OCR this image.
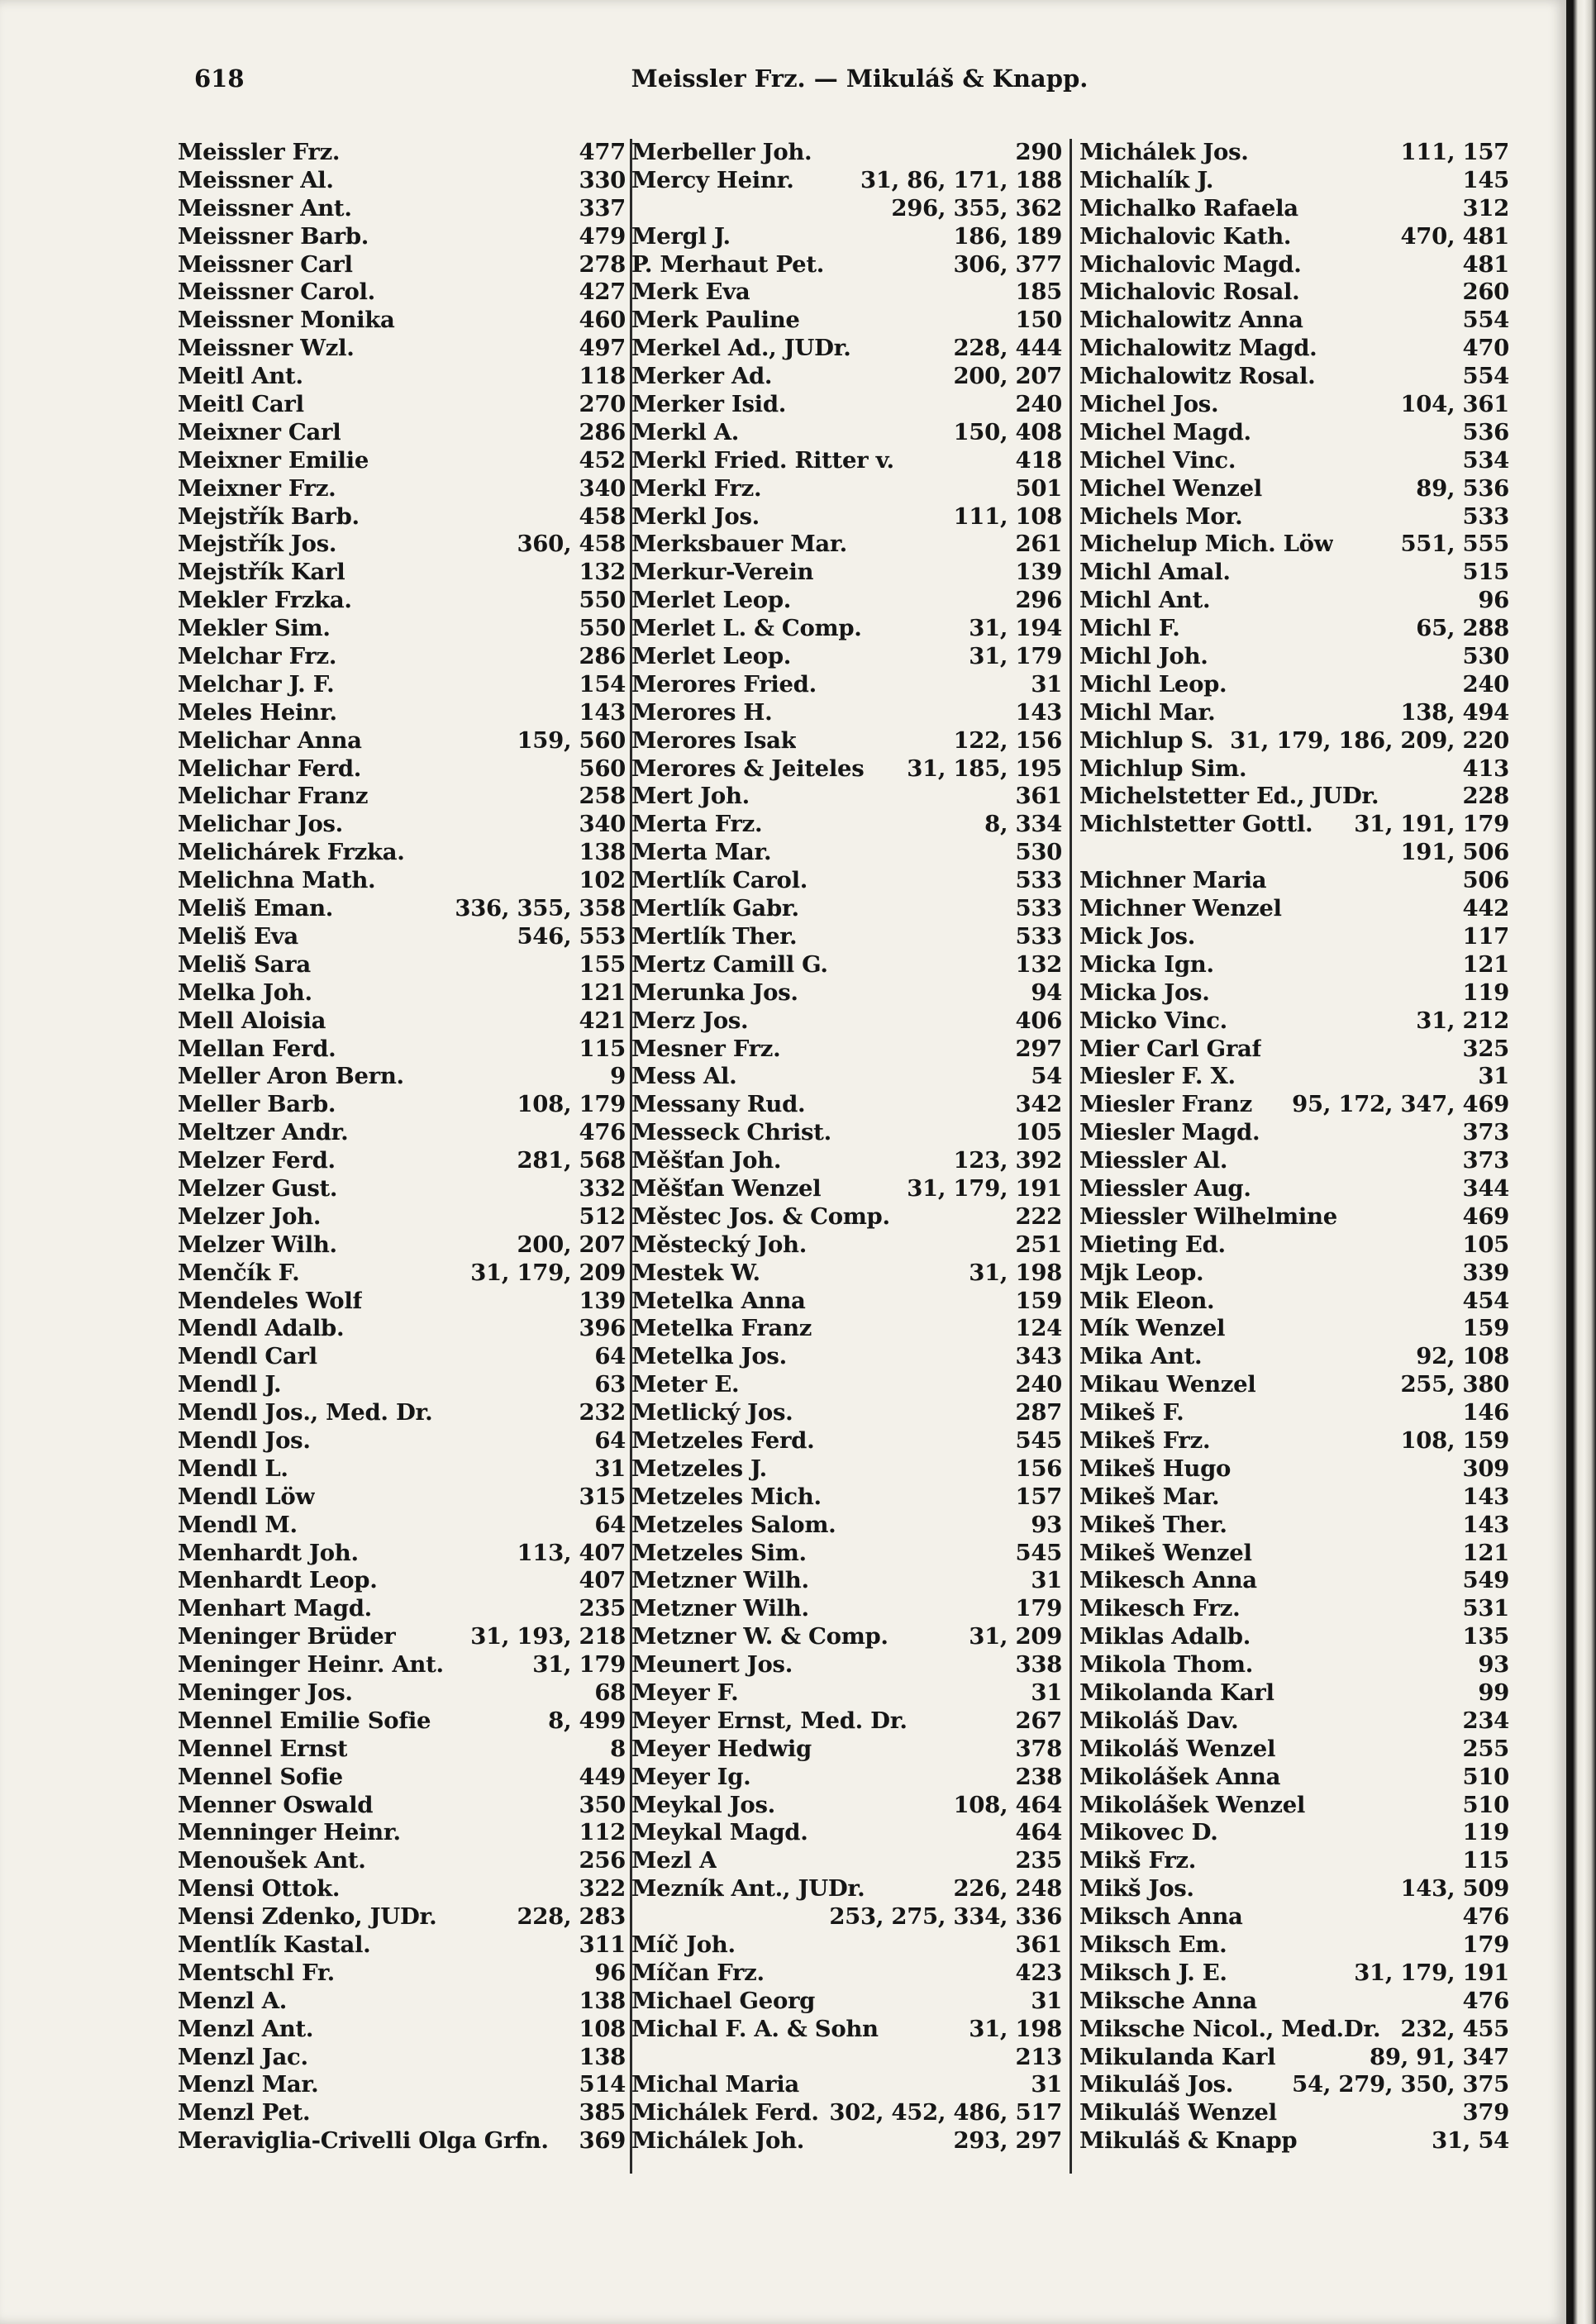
618	Meissler Frz. — Mikuláš & Knapp.
Meissler Frz.	477
Meissner Al.	330
Meissner Ant.	337
Meissner Barb.	479
Meissner Carl	278
Meissner Carol.	427
Meissner Monika	460
Meissner Wzl.	497
Meitl Ant.	118
Meitl Carl	270
Meixner Carl	286
Meixner Emilie	452
Meixner Frz.	340
Mejstřík Barb.	458
Mejstřík Jos.	360, 458
Mejstřík Karl	132
Mekler Frzka.	550
Mekler Sim.	550
Melchar Frz.	286
Melchar J. F.	154
Meles Heinr.	143
Melichar Anna	159, 560
Melichar Ferd.	560
Melichar Franz	258
Melichar Jos.	340
Melichárek Frzka.	138
Melichna Math.	102
Meliš Eman.	336, 355, 358
Meliš Eva	546, 553
Meliš Sara	155
Melka Joh.	121
Mell Aloisia	421
Mellan Ferd.	115
Meller Aron Bern.	9
Meller Barb.	108, 179
Meltzer Andr.	476
Melzer Ferd.	281, 568
Melzer Gust.	332
Melzer Joh.	512
Melzer Wilh.	200, 207
Menčík F.	31, 179, 209
Mendeles Wolf	139
Mendl Adalb.	396
Mendl Carl	64
Mendl J.	63
Mendl Jos., Med. Dr.	232
Mendl Jos.	64
Mendl L.	31
Mendl Löw	315
Mendl M.	64
Menhardt Joh.	113, 407
Menhardt Leop.	407
Menhart Magd.	235
Meninger Brüder	31, 193, 218
Meninger Heinr. Ant.	31, 179
Meninger Jos.	68
Mennel Emilie Sofie	8, 499
Mennel Ernst	8
Mennel Sofie	449
Menner Oswald	350
Menninger Heinr.	112
Menoušek Ant.	256
Mensi Ottok.	322
Mensi Zdenko, JUDr.	228, 283
Mentlík Kastal.	311
Mentschl Fr.	96
Menzl A.	138
Menzl Ant.	108
Menzl Jac.	138
Menzl Mar.	514
Menzl Pet.	385
Meraviglia-Crivelli Olga Grfn.	369
Merbeller Joh.	290
Mercy Heinr.	31, 86, 171, 188
296, 355, 362
Mergl J.	186, 189
P. Merhaut Pet.	306, 377
Merk Eva	185
Merk Pauline	150
Merkel Ad., JUDr.	228, 444
Merker Ad.	200, 207
Merker Isid.	240
Merkl A.	150, 408
Merkl Fried. Ritter v.	418
Merkl Frz.	501
Merkl Jos.	111, 108
Merksbauer Mar.	261
Merkur-Verein	139
Merlet Leop.	296
Merlet L. & Comp.	31, 194
Merlet Leop.	31, 179
Merores Fried.	31
Merores H.	143
Merores Isak	122, 156
Merores & Jeiteles	31, 185, 195
Mert Joh.	361
Merta Frz.	8, 334
Merta Mar.	530
Mertlík Carol.	533
Mertlík Gabr.	533
Mertlík Ther.	533
Mertz Camill G.	132
Merunka Jos.	94
Merz Jos.	406
Mesner Frz.	297
Mess Al.	54
Messany Rud.	342
Messeck Christ.	105
Měšťan Joh.	123, 392
Měšťan Wenzel	31, 179, 191
Městec Jos. & Comp.	222
Městecký Joh.	251
Mestek W.	31, 198
Metelka Anna	159
Metelka Franz	124
Metelka Jos.	343
Meter E.	240
Metlický Jos.	287
Metzeles Ferd.	545
Metzeles J.	156
Metzeles Mich.	157
Metzeles Salom.	93
Metzeles Sim.	545
Metzner Wilh.	31
Metzner Wilh.	179
Metzner W. & Comp.	31, 209
Meunert Jos.	338
Meyer F.	31
Meyer Ernst, Med. Dr.	267
Meyer Hedwig	378
Meyer Ig.	238
Meykal Jos.	108, 464
Meykal Magd.	464
Mezl A	235
Mezník Ant., JUDr.	226, 248
253, 275, 334, 336
Míč Joh.	361
Míčan Frz.	423
Michael Georg	31
Michal F. A. & Sohn	31, 198
213
Michal Maria	31
Michálek Ferd. 302, 452, 486, 517
Michálek Joh.	293, 297
Michálek Jos.	111, 157
Michalík J.	145
Michalko Rafaela	312
Michalovic Kath.	470, 481
Michalovic Magd.	481
Michalovic Rosal.	260
Michalowitz Anna	554
Michalowitz Magd.	470
Michalowitz Rosal.	554
Michel Jos.	104, 361
Michel Magd.	536
Michel Vinc.	534
Michel Wenzel	89, 536
Michels Mor.	533
Michelup Mich. Löw	551, 555
Michl Amal.	515
Michl Ant.	96
Michl F.	65, 288
Michl Joh.	530
Michl Leop.	240
Michl Mar.	138, 494
Michlup S. 31, 179, 186, 209, 220
Michlup Sim.	413
Michelstetter Ed., JUDr.	228
Michlstetter Gottl.	31, 191, 179
191, 506
Michner Maria	506
Michner Wenzel	442
Mick Jos.	117
Micka Ign.	121
Micka Jos.	119
Micko Vinc.	31, 212
Mier Carl Graf	325
Miesler F. X.	31
Miesler Franz	95, 172, 347, 469
Miesler Magd.	373
Miessler Al.	373
Miessler Aug.	344
Miessler Wilhelmine	469
Mieting Ed.	105
Mjk Leop.	339
Mik Eleon.	454
Mík Wenzel	159
Mika Ant.	92, 108
Mikau Wenzel	255, 380
Mikeš F.	146
Mikeš Frz.	108, 159
Mikeš Hugo	309
Mikeš Mar.	143
Mikeš Ther.	143
Mikeš Wenzel	121
Mikesch Anna	549
Mikesch Frz.	531
Miklas Adalb.	135
Mikola Thom.	93
Mikolanda Karl	99
Mikoláš Dav.	234
Mikoláš Wenzel	255
Mikolášek Anna	510
Mikolášek Wenzel	510
Mikovec D.	119
Mikš Frz.	115
Mikš Jos.	143, 509
Miksch Anna	476
Miksch Em.	179
Miksch J. E.	31, 179, 191
Miksche Anna	476
Miksche Nicol., Med.Dr. 232, 455
Mikulanda Karl	89, 91, 347
Mikuláš Jos.	54, 279, 350, 375
Mikuláš Wenzel	379
Mikuláš & Knapp	31, 54
